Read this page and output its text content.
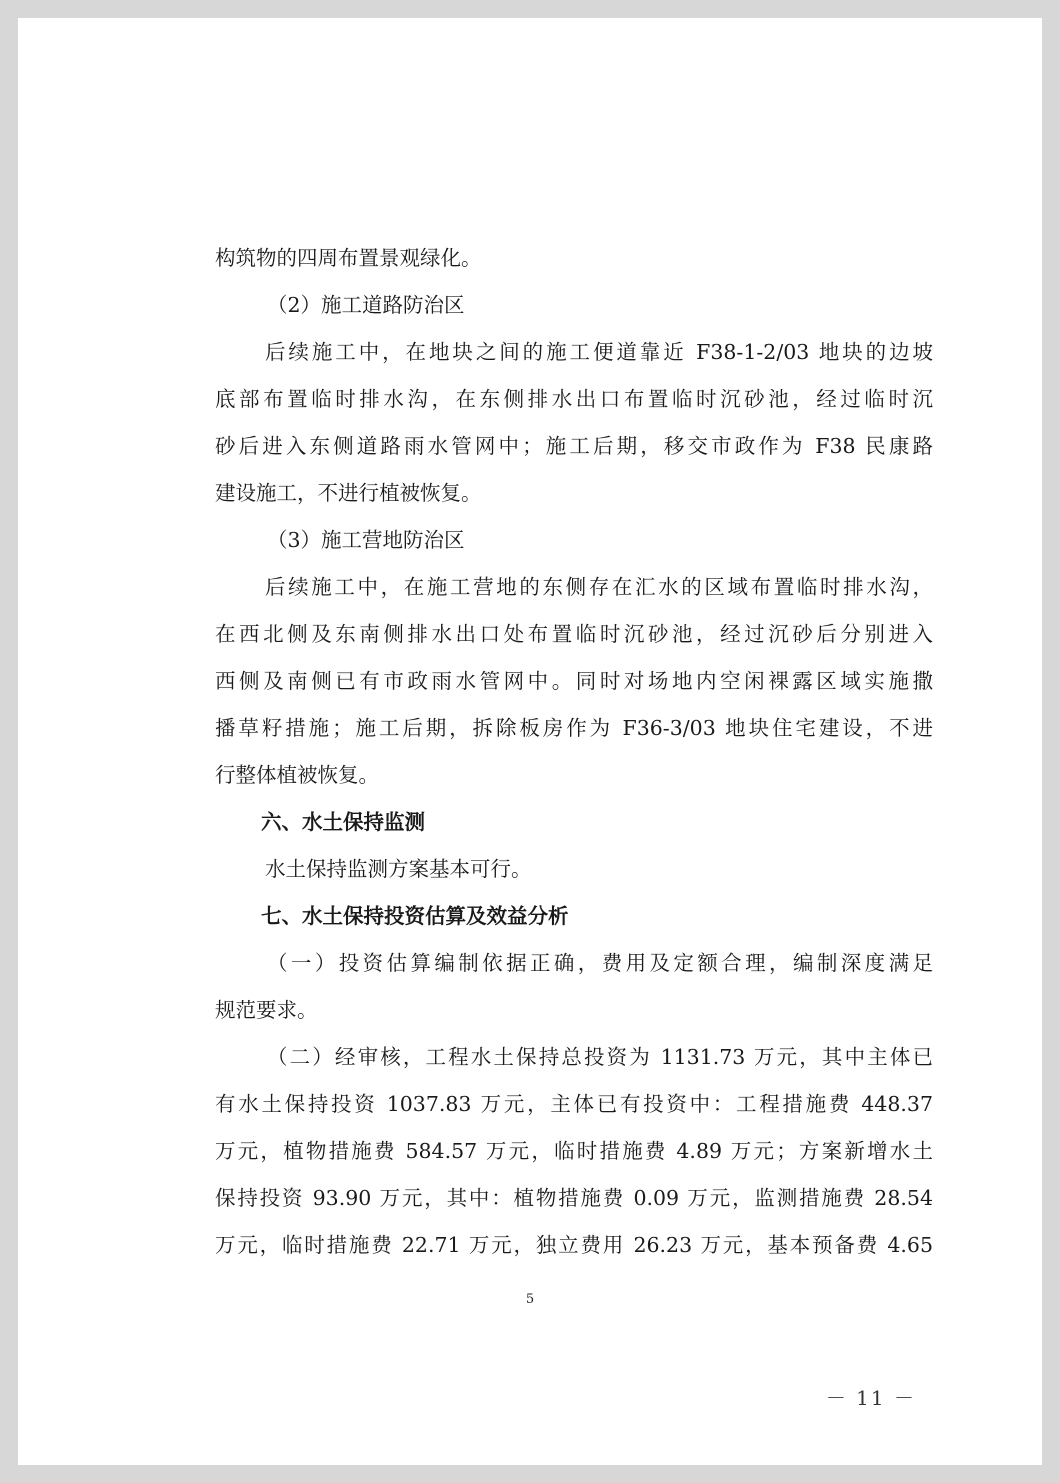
构筑物的四周布置景观绿化。
（2）施工道路防治区
后续施工中，在地块之间的施工便道靠近 F38-1-2/03 地块的边坡
底部布置临时排水沟，在东侧排水出口布置临时沉砂池，经过临时沉
砂后进入东侧道路雨水管网中；施工后期，移交市政作为 F38 民康路
建设施工，不进行植被恢复。
（3）施工营地防治区
后续施工中，在施工营地的东侧存在汇水的区域布置临时排水沟，
在西北侧及东南侧排水出口处布置临时沉砂池，经过沉砂后分别进入
西侧及南侧已有市政雨水管网中。同时对场地内空闲裸露区域实施撒
播草籽措施；施工后期，拆除板房作为 F36-3/03 地块住宅建设，不进
行整体植被恢复。
六、水土保持监测
水土保持监测方案基本可行。
七、水土保持投资估算及效益分析
（一）投资估算编制依据正确，费用及定额合理，编制深度满足
规范要求。
（二）经审核，工程水土保持总投资为 1131.73 万元，其中主体已
有水土保持投资 1037.83 万元，主体已有投资中：工程措施费 448.37
万元，植物措施费 584.57 万元，临时措施费 4.89 万元；方案新增水土
保持投资 93.90 万元，其中：植物措施费 0.09 万元，监测措施费 28.54
万元，临时措施费 22.71 万元，独立费用 26.23 万元，基本预备费 4.65
5
－ 11 －
